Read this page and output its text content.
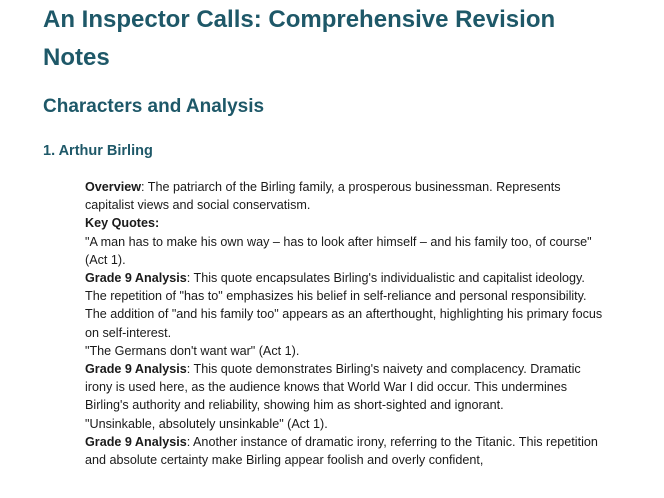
An Inspector Calls: Comprehensive Revision Notes
Characters and Analysis
1. Arthur Birling

Overview: The patriarch of the Birling family, a prosperous businessman. Represents capitalist views and social conservatism.

Key Quotes:

"A man has to make his own way – has to look after himself – and his family too, of course" (Act 1).

Grade 9 Analysis: This quote encapsulates Birling's individualistic and capitalist ideology. The repetition of "has to" emphasizes his belief in self-reliance and personal responsibility. The addition of "and his family too" appears as an afterthought, highlighting his primary focus on self-interest.

"The Germans don't want war" (Act 1).

Grade 9 Analysis: This quote demonstrates Birling's naivety and complacency. Dramatic irony is used here, as the audience knows that World War I did occur. This undermines Birling's authority and reliability, showing him as short-sighted and ignorant.

"Unsinkable, absolutely unsinkable" (Act 1).

Grade 9 Analysis: Another instance of dramatic irony, referring to the Titanic. This repetition and absolute certainty make Birling appear foolish and overly confident,
